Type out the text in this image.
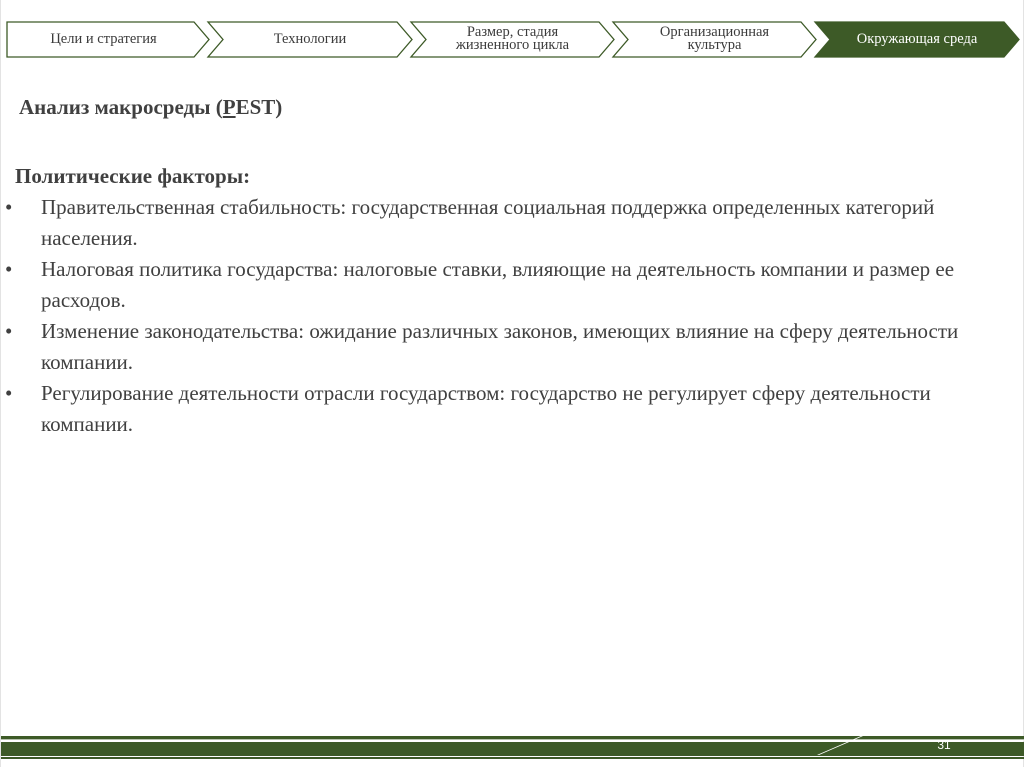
Цели и стратегия	Технологии	Размер, стадия
жизненного цикла
Организационная
культура	Окружающая среда
Анализ макросреды (PEST)
Политические факторы:
• Правительственная стабильность: государственная социальная поддержка определенных категорий населения.
• Налоговая политика государства: налоговые ставки, влияющие на деятельность компании и размер ее расходов.
• Изменение законодательства: ожидание различных законов, имеющих влияние на сферу деятельности компании.
• Регулирование деятельности отрасли государством: государство не регулирует сферу деятельности компании.
31
